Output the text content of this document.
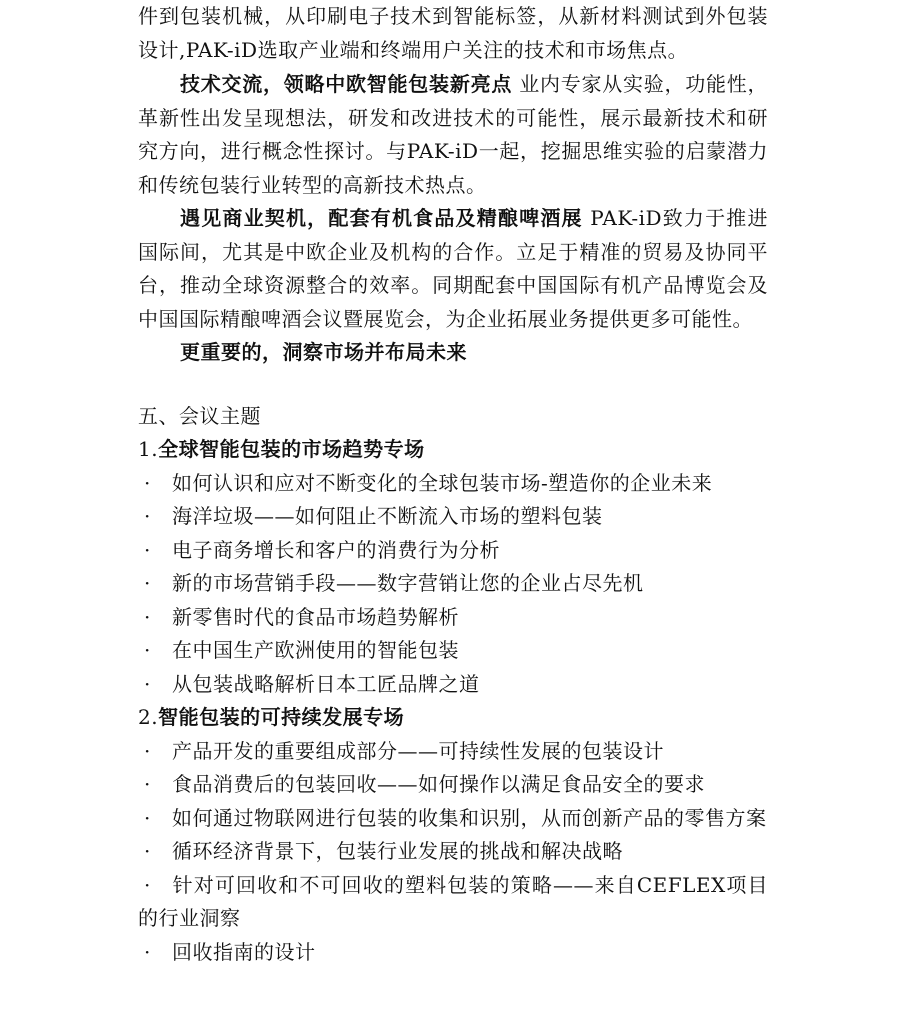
件到包装机械，从印刷电子技术到智能标签，从新材料测试到外包装设计,PAK-iD选取产业端和终端用户关注的技术和市场焦点。

技术交流，领略中欧智能包装新亮点 业内专家从实验，功能性，革新性出发呈现想法，研发和改进技术的可能性，展示最新技术和研究方向，进行概念性探讨。与PAK-iD一起，挖掘思维实验的启蒙潜力和传统包装行业转型的高新技术热点。

遇见商业契机，配套有机食品及精酿啤酒展 PAK-iD致力于推进国际间，尤其是中欧企业及机构的合作。立足于精准的贸易及协同平台，推动全球资源整合的效率。同期配套中国国际有机产品博览会及中国国际精酿啤酒会议暨展览会，为企业拓展业务提供更多可能性。

更重要的，洞察市场并布局未来

五、会议主题

1.全球智能包装的市场趋势专场

· 如何认识和应对不断变化的全球包装市场-塑造你的企业未来
· 海洋垃圾——如何阻止不断流入市场的塑料包装
· 电子商务增长和客户的消费行为分析
· 新的市场营销手段——数字营销让您的企业占尽先机
· 新零售时代的食品市场趋势解析
· 在中国生产欧洲使用的智能包装
· 从包装战略解析日本工匠品牌之道

2.智能包装的可持续发展专场

· 产品开发的重要组成部分——可持续性发展的包装设计
· 食品消费后的包装回收——如何操作以满足食品安全的要求
· 如何通过物联网进行包装的收集和识别，从而创新产品的零售方案
· 循环经济背景下，包装行业发展的挑战和解决战略
· 针对可回收和不可回收的塑料包装的策略——来自CEFLEX项目的行业洞察
· 回收指南的设计
